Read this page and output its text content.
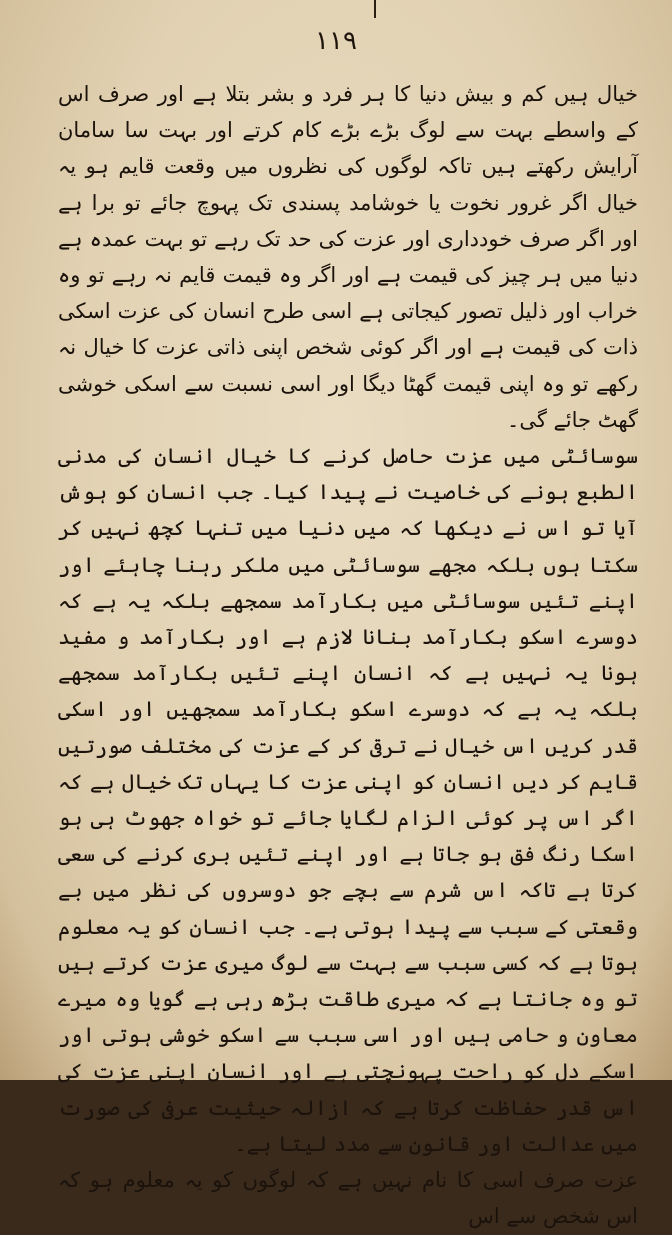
۱۱۹

خیال ہیں کم و بیش دنیا کا ہر فرد و بشر بتلا ہے اور صرف اس کے واسطے بہت سے لوگ بڑے بڑے کام کرتے اور بہت سا سامان آرایش رکھتے ہیں تاکہ لوگوں کی نظروں میں وقعت قایم ہو یہ خیال اگر غرور نخوت یا خوشامد پسندی تک پہوچ جائے تو برا ہے اور اگر صرف خودداری اور عزت کی حد تک رہے تو بہت عمدہ ہے دنیا میں ہر چیز کی قیمت ہے اور اگر وہ قیمت قایم نہ رہے تو وہ خراب اور ذلیل تصور کیجاتی ہے اسی طرح انسان کی عزت اسکی ذات کی قیمت ہے اور اگر کوئی شخص اپنی ذاتی عزت کا خیال نہ رکھے تو وہ اپنی قیمت گھٹا دیگا اور اسی نسبت سے اسکی خوشی گھٹ جائے گی۔

سوسائٹی میں عزت حاصل کرنے کا خیال انسان کی مدنی الطبع ہونے کی خاصیت نے پیدا کیا۔ جب انسان کو ہوش آیا تو اس نے دیکھا کہ میں دنیا میں تنہا کچھ نہیں کر سکتا ہوں بلکہ مجھے سوسائٹی میں ملکر رہنا چاہئے اور اپنے تئیں سوسائٹی میں بکارآمد سمجھے بلکہ یہ ہے کہ دوسرے اسکو بکارآمد بنانا لازم ہے اور بکارآمد و مفید ہونا یہ نہیں ہے کہ انسان اپنے تئیں بکارآمد سمجھے بلکہ یہ ہے کہ دوسرے اسکو بکارآمد سمجھیں اور اسکی قدر کریں اس خیال نے ترقی کر کے عزت کی مختلف صورتیں قایم کر دیں انسان کو اپنی عزت کا یہاں تک خیال ہے کہ اگر اس پر کوئی الزام لگایا جائے تو خواہ جھوٹ ہی ہو اسکا رنگ فق ہو جاتا ہے اور اپنے تئیں بری کرنے کی سعی کرتا ہے تاکہ اس شرم سے بچے جو دوسروں کی نظر میں بے وقعتی کے سبب سے پیدا ہوتی ہے۔ جب انسان کو یہ معلوم ہوتا ہے کہ کسی سبب سے بہت سے لوگ میری عزت کرتے ہیں تو وہ جانتا ہے کہ میری طاقت بڑھ رہی ہے گویا وہ میرے معاون و حامی ہیں اور اسی سبب سے اسکو خوشی ہوتی اور اسکے دل کو راحت پہونچتی ہے اور انسان اپنی عزت کی اس قدر حفاظت کرتا ہے کہ ازالہ حیثیت عرفی کی صورت میں عدالت اور قانون سے مدد لیتا ہے۔

عزت صرف اسی کا نام نہیں ہے کہ لوگوں کو یہ معلوم ہو کہ اس شخص سے اس
